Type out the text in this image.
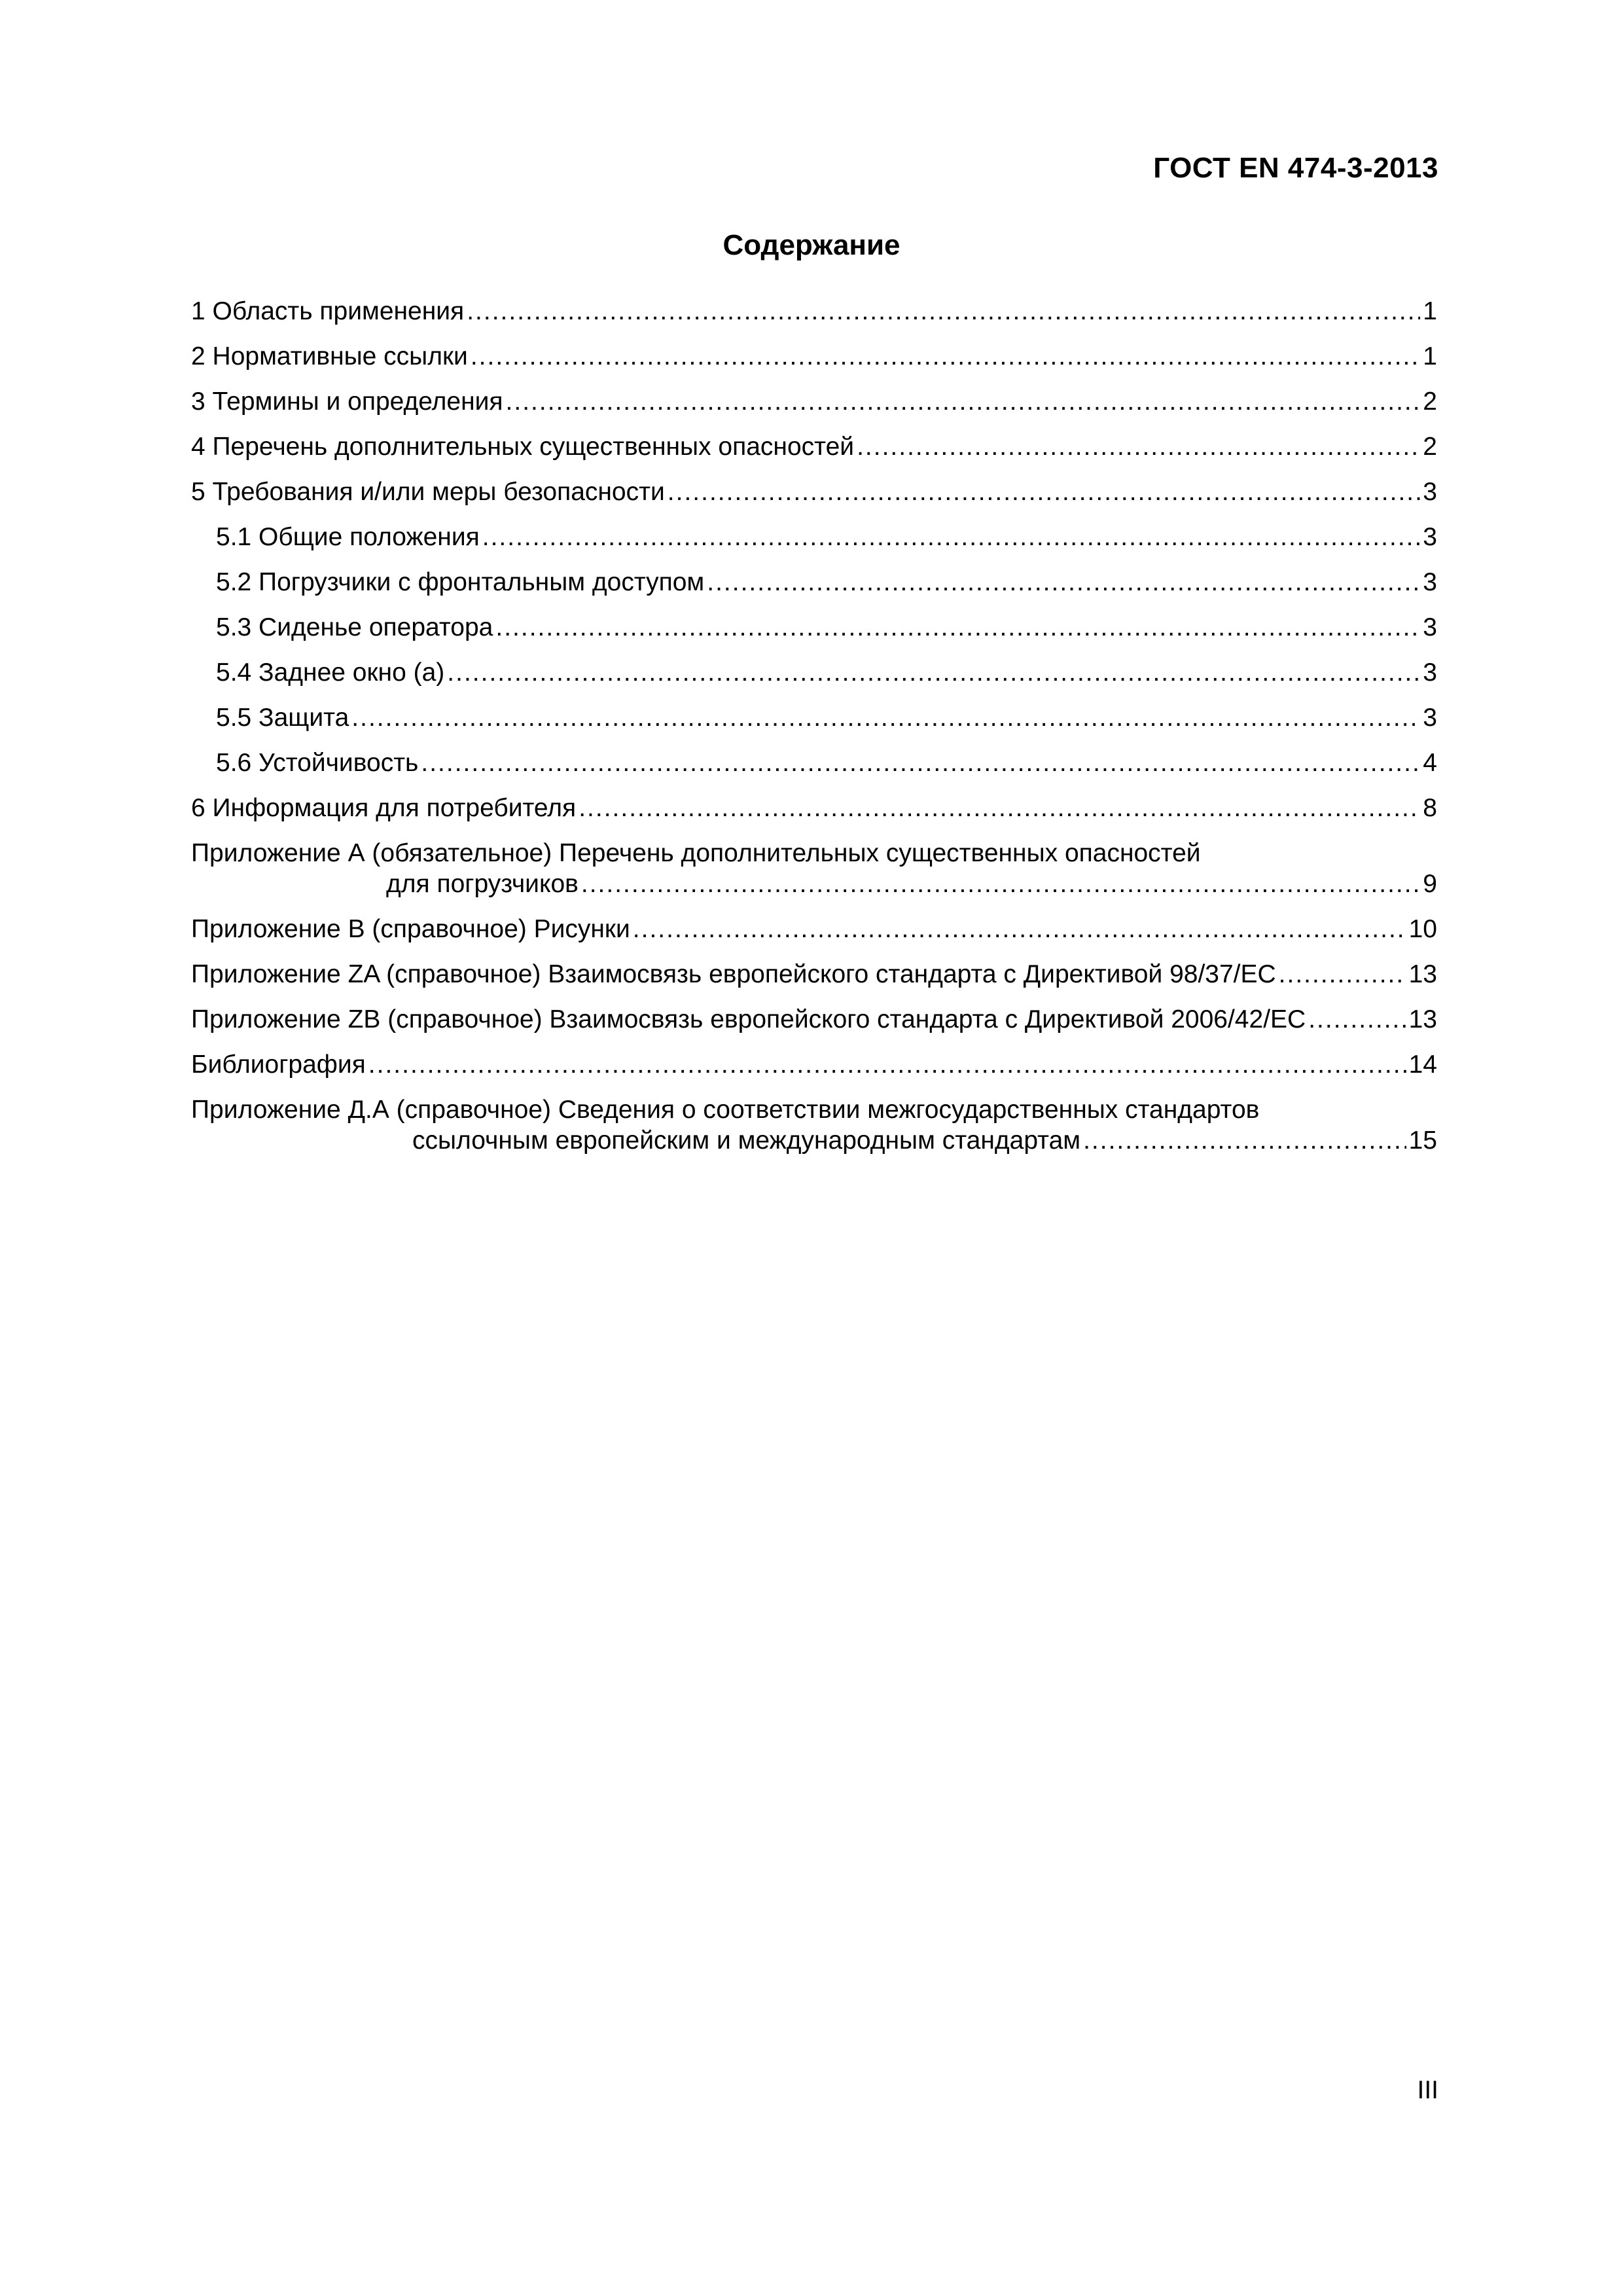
ГОСТ EN 474-3-2013
Содержание
1 Область применения .....	1
2 Нормативные ссылки .....	1
3 Термины и определения .....	2
4 Перечень дополнительных существенных опасностей .....	2
5 Требования и/или меры безопасности .....	3
5.1 Общие положения .....	3
5.2 Погрузчики с фронтальным доступом .....	3
5.3 Сиденье оператора .....	3
5.4 Заднее окно (а) .....	3
5.5 Защита .....	3
5.6 Устойчивость .....	4
6 Информация для потребителя .....	8
Приложение А (обязательное) Перечень дополнительных существенных опасностей
для погрузчиков .....	9
Приложение В (справочное) Рисунки .....	10
Приложение ZA (справочное) Взаимосвязь европейского стандарта с Директивой 98/37/ЕС .....	13
Приложение ZB (справочное) Взаимосвязь европейского стандарта с Директивой 2006/42/ЕС .....	13
Библиография .....	14
Приложение Д.А (справочное) Сведения о соответствии межгосударственных стандартов
ссылочным европейским и международным стандартам .....	15
III
